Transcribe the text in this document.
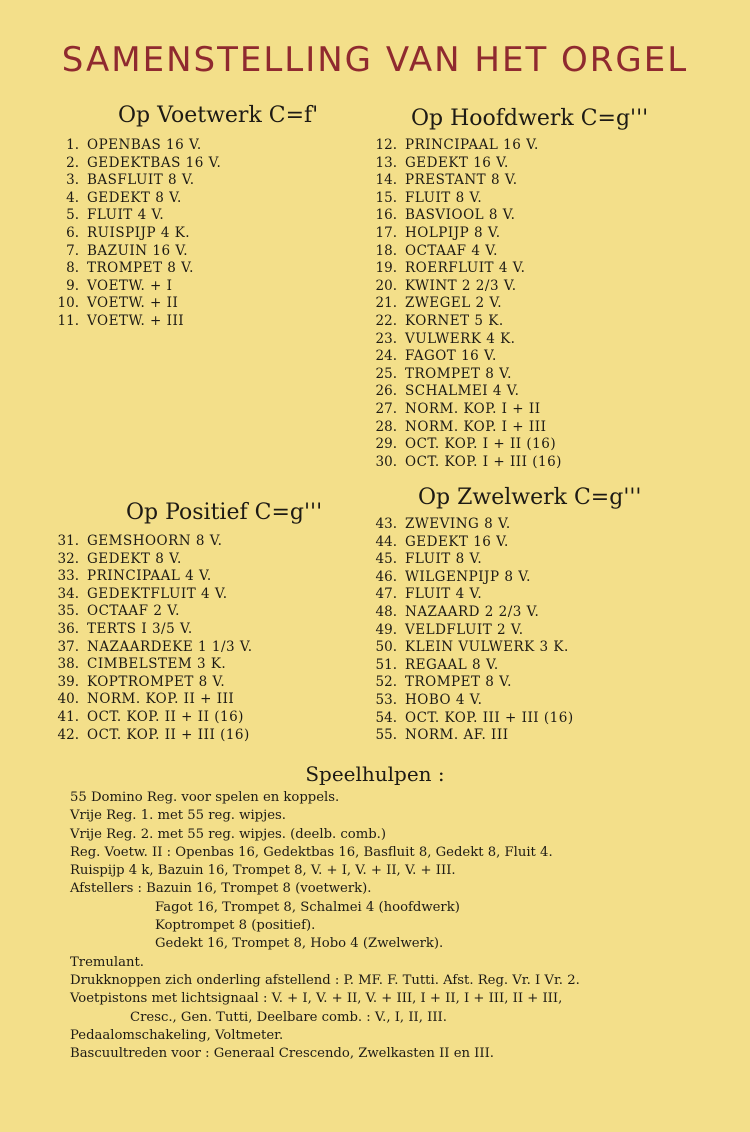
SAMENSTELLING VAN HET ORGEL
Op Voetwerk C=f'
1. OPENBAS 16 V.
2. GEDEKTBAS 16 V.
3. BASFLUIT 8 V.
4. GEDEKT 8 V.
5. FLUIT 4 V.
6. RUISPIJP 4 K.
7. BAZUIN 16 V.
8. TROMPET 8 V.
9. VOETW. + I
10. VOETW. + II
11. VOETW. + III
Op Hoofdwerk C=g'''
12. PRINCIPAAL 16 V.
13. GEDEKT 16 V.
14. PRESTANT 8 V.
15. FLUIT 8 V.
16. BASVIOOL 8 V.
17. HOLPIJP 8 V.
18. OCTAAF 4 V.
19. ROERFLUIT 4 V.
20. KWINT 2 2/3 V.
21. ZWEGEL 2 V.
22. KORNET 5 K.
23. VULWERK 4 K.
24. FAGOT 16 V.
25. TROMPET 8 V.
26. SCHALMEI 4 V.
27. NORM. KOP. I + II
28. NORM. KOP. I + III
29. OCT. KOP. I + II (16)
30. OCT. KOP. I + III (16)
Op Positief C=g'''
31. GEMSHOORN 8 V.
32. GEDEKT 8 V.
33. PRINCIPAAL 4 V.
34. GEDEKTFLUIT 4 V.
35. OCTAAF 2 V.
36. TERTS I 3/5 V.
37. NAZAARDEKE 1 1/3 V.
38. CIMBELSTEM 3 K.
39. KOPTROMPET 8 V.
40. NORM. KOP. II + III
41. OCT. KOP. II + II (16)
42. OCT. KOP. II + III (16)
Op Zwelwerk C=g'''
43. ZWEVING 8 V.
44. GEDEKT 16 V.
45. FLUIT 8 V.
46. WILGENPIJP 8 V.
47. FLUIT 4 V.
48. NAZAARD 2 2/3 V.
49. VELDFLUIT 2 V.
50. KLEIN VULWERK 3 K.
51. REGAAL 8 V.
52. TROMPET 8 V.
53. HOBO 4 V.
54. OCT. KOP. III + III (16)
55. NORM. AF. III
Speelhulpen :
55 Domino Reg. voor spelen en koppels.
Vrije Reg. 1. met 55 reg. wipjes.
Vrije Reg. 2. met 55 reg. wipjes. (deelb. comb.)
Reg. Voetw. II : Openbas 16, Gedektbas 16, Basfluit 8, Gedekt 8, Fluit 4.
Ruispijp 4 k, Bazuin 16, Trompet 8, V. + I, V. + II, V. + III.
Afstellers : Bazuin 16, Trompet 8 (voetwerk).
Fagot 16, Trompet 8, Schalmei 4 (hoofdwerk)
Koptrompet 8 (positief).
Gedekt 16, Trompet 8, Hobo 4 (Zwelwerk).
Tremulant.
Drukknoppen zich onderling afstellend : P. MF. F. Tutti. Afst. Reg. Vr. I Vr. 2.
Voetpistons met lichtsignaal : V. + I, V. + II, V. + III, I + II, I + III, II + III,
Cresc., Gen. Tutti, Deelbare comb. : V., I, II, III.
Pedaalomschakeling, Voltmeter.
Bascuultreden voor : Generaal Crescendo, Zwelkasten II en III.
